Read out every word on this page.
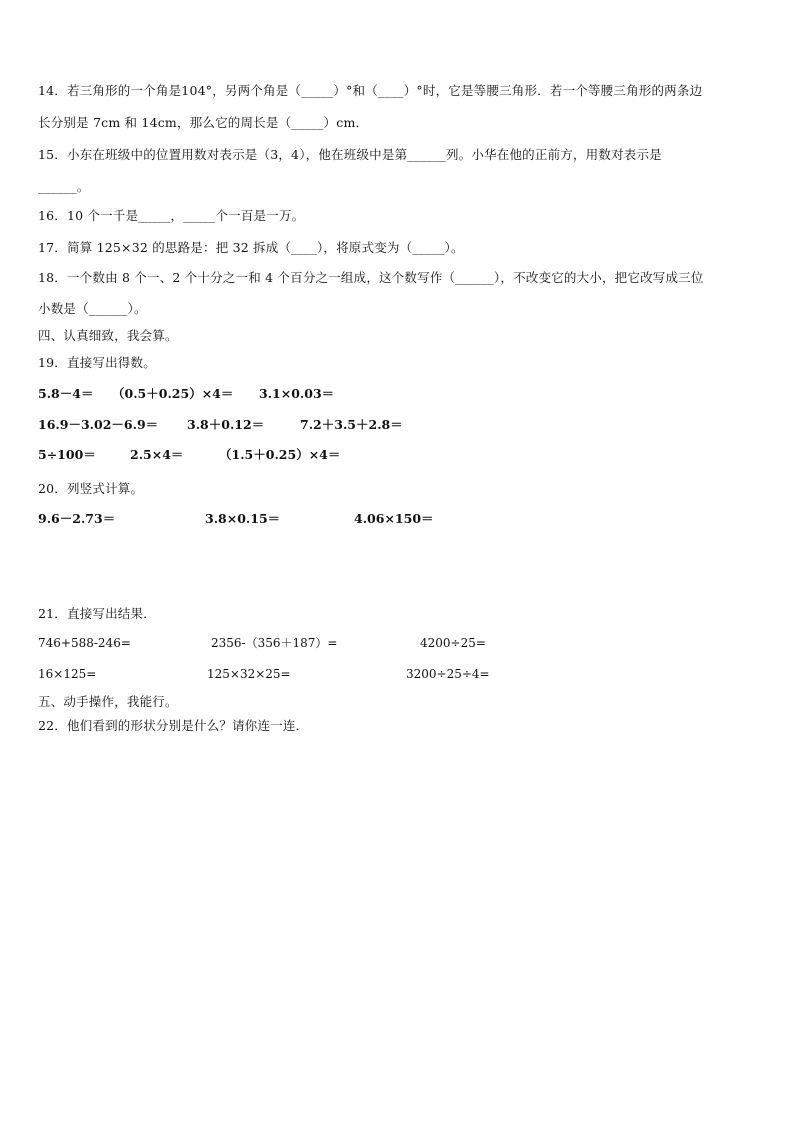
14．若三角形的一个角是104°，另两个角是（_____）°和（____）°时，它是等腰三角形．若一个等腰三角形的两条边
长分别是 7cm 和 14cm，那么它的周长是（_____）cm．
15．小东在班级中的位置用数对表示是（3，4），他在班级中是第______列。小华在他的正前方，用数对表示是
______。
16．10 个一千是_____，_____个一百是一万。
17．简算 125×32 的思路是：把 32 拆成（____），将原式变为（_____）。
18．一个数由 8 个一、2 个十分之一和 4 个百分之一组成，这个数写作（______），不改变它的大小，把它改写成三位
小数是（______）。
四、认真细致，我会算。
19．直接写出得数。
5.8－4＝ （0.5＋0.25）×4＝ 3.1×0.03＝
16.9－3.02－6.9＝ 3.8＋0.12＝	7.2＋3.5＋2.8＝
5÷100＝	2.5×4＝	（1.5＋0.25）×4＝
20．列竖式计算。
9.6－2.73＝	3.8×0.15＝	4.06×150＝
21．直接写出结果．
746+588-246=	2356-（356＋187）=	4200÷25=
16×125=	125×32×25=	3200÷25÷4=
五、动手操作，我能行。
22．他们看到的形状分别是什么？请你连一连．
